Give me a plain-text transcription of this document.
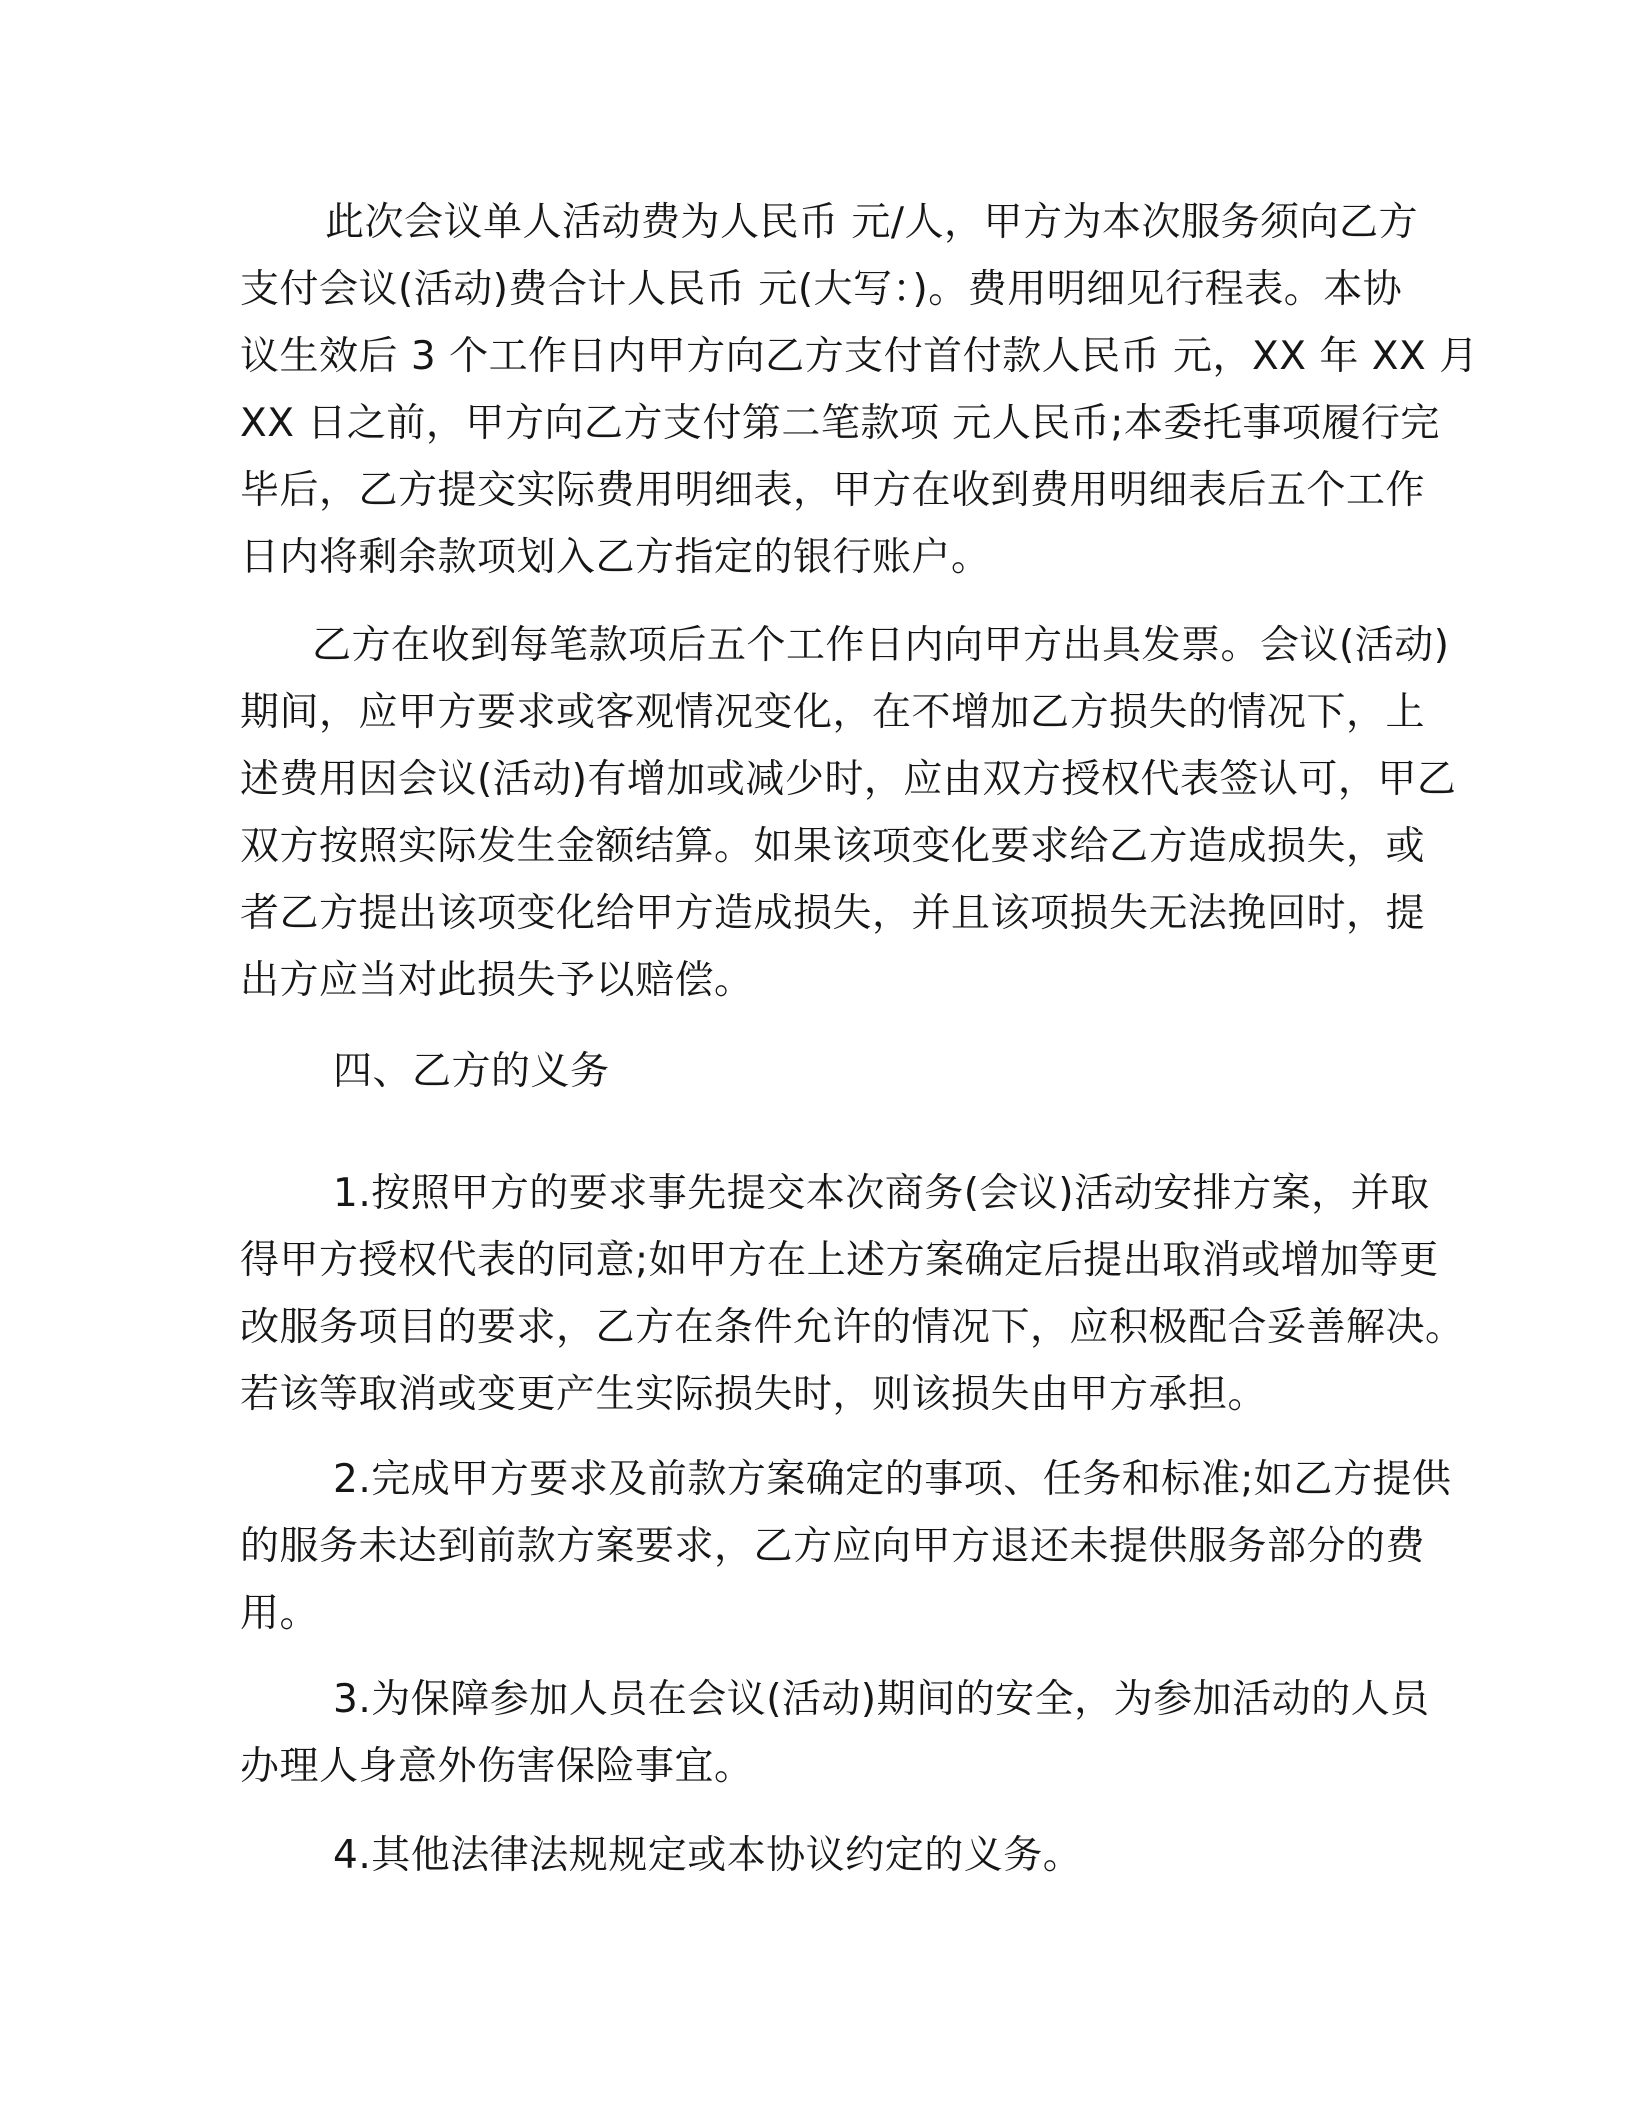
此次会议单人活动费为人民币 元/人，甲方为本次服务须向乙方
支付会议(活动)费合计人民币 元(大写：)。费用明细见行程表。本协
议生效后 3 个工作日内甲方向乙方支付首付款人民币 元，XX 年 XX 月
XX 日之前，甲方向乙方支付第二笔款项 元人民币;本委托事项履行完
毕后，乙方提交实际费用明细表，甲方在收到费用明细表后五个工作
日内将剩余款项划入乙方指定的银行账户。
乙方在收到每笔款项后五个工作日内向甲方出具发票。会议(活动)
期间，应甲方要求或客观情况变化，在不增加乙方损失的情况下，上
述费用因会议(活动)有增加或减少时，应由双方授权代表签认可，甲乙
双方按照实际发生金额结算。如果该项变化要求给乙方造成损失，或
者乙方提出该项变化给甲方造成损失，并且该项损失无法挽回时，提
出方应当对此损失予以赔偿。
四、乙方的义务
1.按照甲方的要求事先提交本次商务(会议)活动安排方案，并取
得甲方授权代表的同意;如甲方在上述方案确定后提出取消或增加等更
改服务项目的要求，乙方在条件允许的情况下，应积极配合妥善解决。
若该等取消或变更产生实际损失时，则该损失由甲方承担。
2.完成甲方要求及前款方案确定的事项、任务和标准;如乙方提供
的服务未达到前款方案要求，乙方应向甲方退还未提供服务部分的费
用。
3.为保障参加人员在会议(活动)期间的安全，为参加活动的人员
办理人身意外伤害保险事宜。
4.其他法律法规规定或本协议约定的义务。
